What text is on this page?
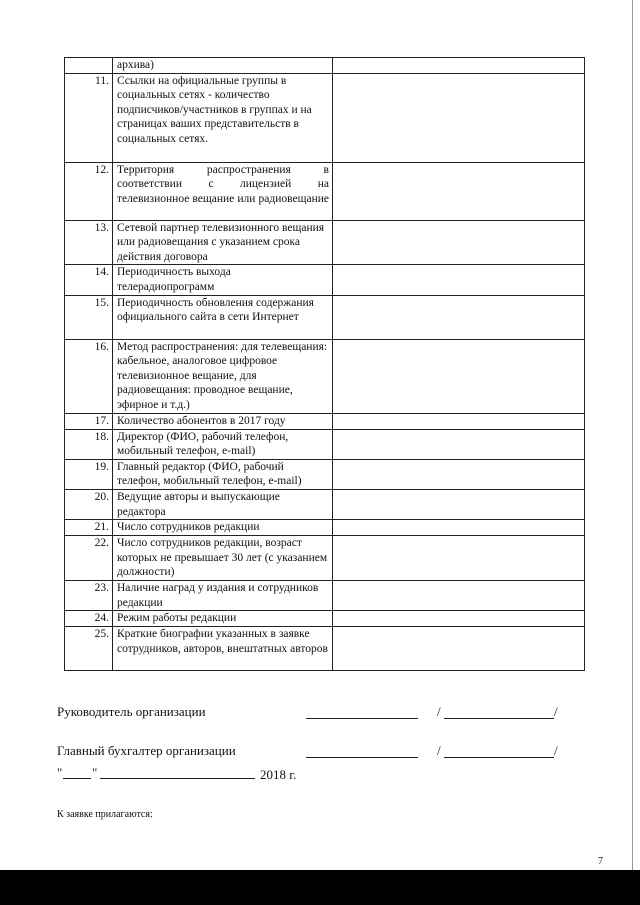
	архива)	
11.	Ссылки на официальные группы в социальных сетях - количество подписчиков/участников в группах и на страницах ваших представительств в социальных сетях.	
12.	Территория распространения в соответствии с лицензией на телевизионное вещание или радиовещание	
13.	Сетевой партнер телевизионного вещания или радиовещания с указанием срока действия договора	
14.	Периодичность выхода телерадиопрограмм	
15.	Периодичность обновления содержания официального сайта в сети Интернет	
16.	Метод распространения: для телевещания: кабельное, аналоговое цифровое телевизионное вещание, для радиовещания: проводное вещание, эфирное и т.д.)	
17.	Количество абонентов в 2017 году	
18.	Директор (ФИО, рабочий телефон, мобильный телефон, e-mail)	
19.	Главный редактор (ФИО, рабочий телефон, мобильный телефон, e-mail)	
20.	Ведущие авторы и выпускающие редактора	
21.	Число сотрудников редакции	
22.	Число сотрудников редакции, возраст которых не превышает 30 лет (с указанием должности)	
23.	Наличие наград у издания и сотрудников редакции	
24.	Режим работы редакции	
25.	Краткие биографии указанных в заявке сотрудников, авторов, внештатных авторов	
Руководитель организации	/	/
Главный бухгалтер организации	/	/
" "	2018 г.
К заявке прилагаются:
7
